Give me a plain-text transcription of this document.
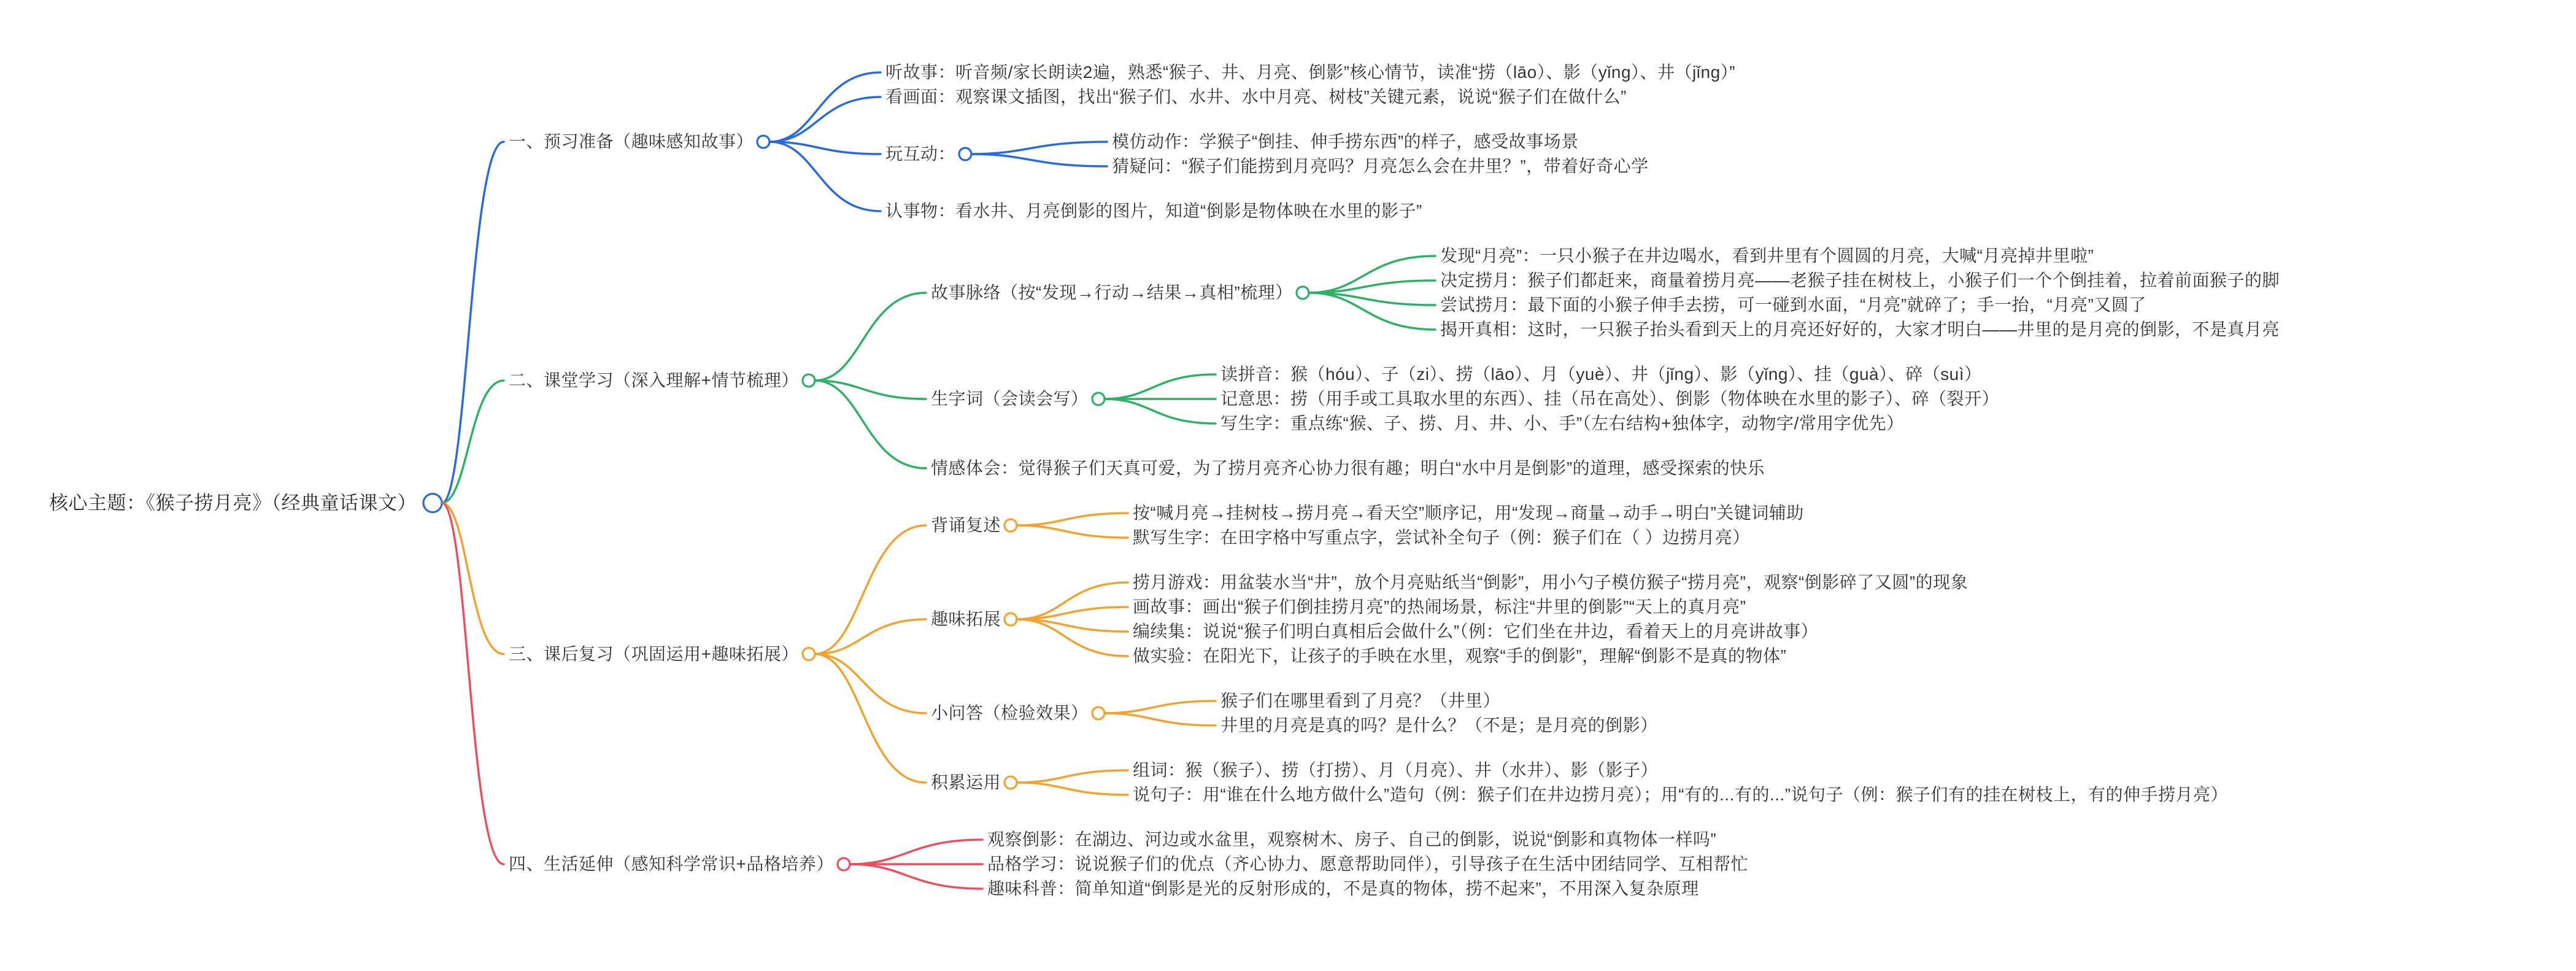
核心主题：《猴子捞月亮》（经典童话课文）
一、预习准备（趣味感知故事）
听故事：听音频/家长朗读2遍，熟悉“猴子、井、月亮、倒影”核心情节，读准“捞（lāo）、影（yǐng）、井（jǐng）”
看画面：观察课文插图，找出“猴子们、水井、水中月亮、树枝”关键元素，说说“猴子们在做什么”
玩互动：
模仿动作：学猴子“倒挂、伸手捞东西”的样子，感受故事场景
猜疑问：“猴子们能捞到月亮吗？月亮怎么会在井里？”，带着好奇心学
认事物：看水井、月亮倒影的图片，知道“倒影是物体映在水里的影子”
二、课堂学习（深入理解+情节梳理）
故事脉络（按“发现→行动→结果→真相”梳理）
发现“月亮”：一只小猴子在井边喝水，看到井里有个圆圆的月亮，大喊“月亮掉井里啦”
决定捞月：猴子们都赶来，商量着捞月亮——老猴子挂在树枝上，小猴子们一个个倒挂着，拉着前面猴子的脚
尝试捞月：最下面的小猴子伸手去捞，可一碰到水面，“月亮”就碎了；手一抬，“月亮”又圆了
揭开真相：这时，一只猴子抬头看到天上的月亮还好好的，大家才明白——井里的是月亮的倒影，不是真月亮
生字词（会读会写）
读拼音：猴（hóu）、子（zi）、捞（lāo）、月（yuè）、井（jǐng）、影（yǐng）、挂（guà）、碎（suì）
记意思：捞（用手或工具取水里的东西）、挂（吊在高处）、倒影（物体映在水里的影子）、碎（裂开）
写生字：重点练“猴、子、捞、月、井、小、手”（左右结构+独体字，动物字/常用字优先）
情感体会：觉得猴子们天真可爱，为了捞月亮齐心协力很有趣；明白“水中月是倒影”的道理，感受探索的快乐
三、课后复习（巩固运用+趣味拓展）
背诵复述
按“喊月亮→挂树枝→捞月亮→看天空”顺序记，用“发现→商量→动手→明白”关键词辅助
默写生字：在田字格中写重点字，尝试补全句子（例：猴子们在（ ）边捞月亮）
趣味拓展
捞月游戏：用盆装水当“井”，放个月亮贴纸当“倒影”，用小勺子模仿猴子“捞月亮”，观察“倒影碎了又圆”的现象
画故事：画出“猴子们倒挂捞月亮”的热闹场景，标注“井里的倒影”“天上的真月亮”
编续集：说说“猴子们明白真相后会做什么”（例：它们坐在井边，看着天上的月亮讲故事）
做实验：在阳光下，让孩子的手映在水里，观察“手的倒影”，理解“倒影不是真的物体”
小问答（检验效果）
猴子们在哪里看到了月亮？（井里）
井里的月亮是真的吗？是什么？（不是；是月亮的倒影）
积累运用
组词：猴（猴子）、捞（打捞）、月（月亮）、井（水井）、影（影子）
说句子：用“谁在什么地方做什么”造句（例：猴子们在井边捞月亮）；用“有的...有的...”说句子（例：猴子们有的挂在树枝上，有的伸手捞月亮）
四、生活延伸（感知科学常识+品格培养）
观察倒影：在湖边、河边或水盆里，观察树木、房子、自己的倒影，说说“倒影和真物体一样吗”
品格学习：说说猴子们的优点（齐心协力、愿意帮助同伴），引导孩子在生活中团结同学、互相帮忙
趣味科普：简单知道“倒影是光的反射形成的，不是真的物体，捞不起来”，不用深入复杂原理
